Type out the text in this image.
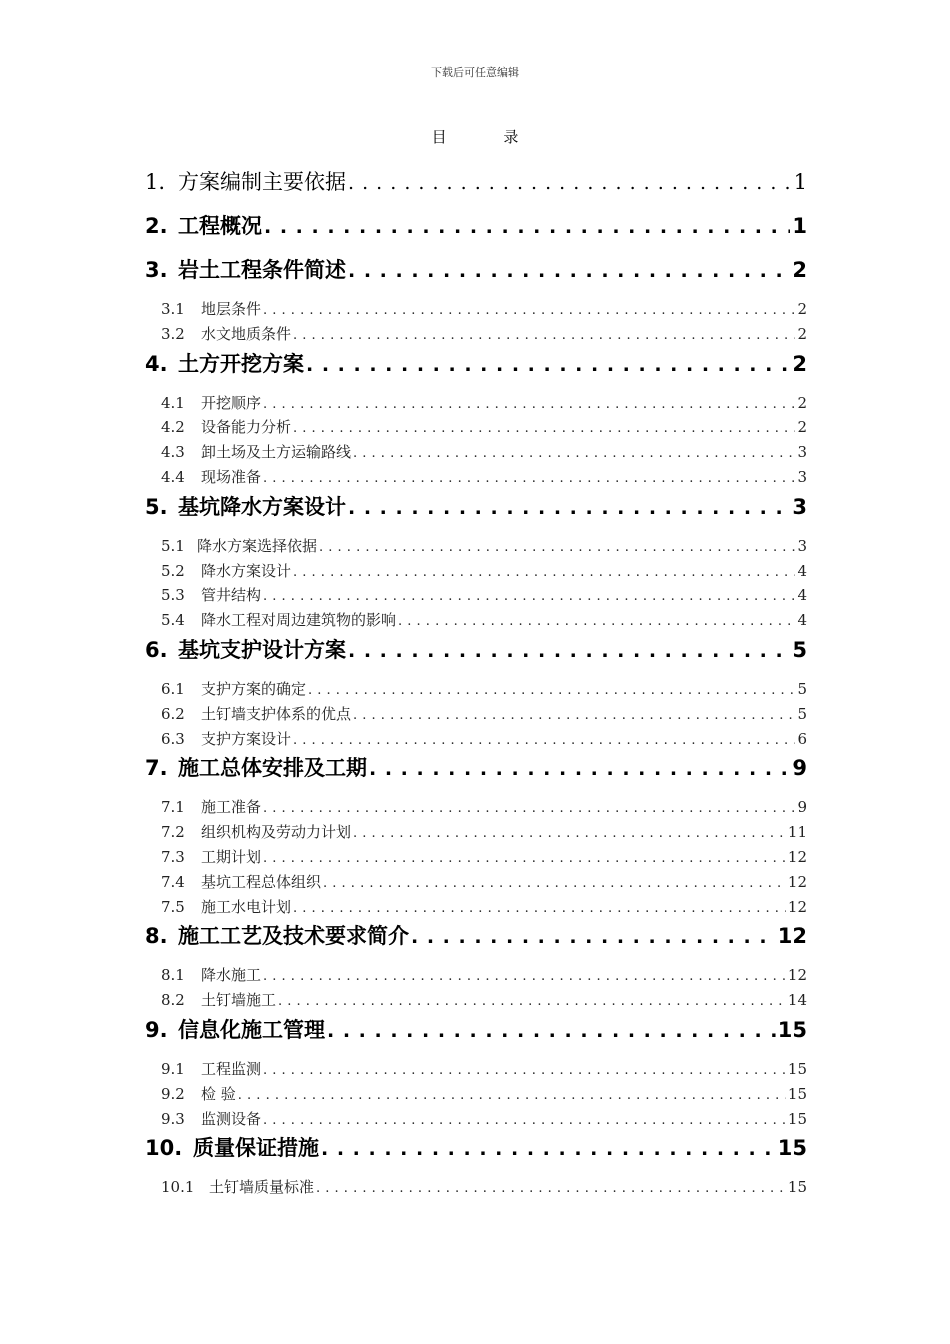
下载后可任意编辑
目 录
1. 方案编制主要依据 . . .	1
2. 工程概况 . . .	1
3. 岩土工程条件简述 . . .	2
3.1	地层条件 . . .	2
3.2	水文地质条件 . . .	2
4. 土方开挖方案 . . .	2
4.1	开挖顺序 . . .	2
4.2	设备能力分析 . . .	2
4.3	卸土场及土方运输路线 . . .	3
4.4	现场准备 . . .	3
5. 基坑降水方案设计 . . .	3
5.1 降水方案选择依据 . . .	3
5.2	降水方案设计 . . .	4
5.3	管井结构 . . .	4
5.4	降水工程对周边建筑物的影响 . . .	4
6. 基坑支护设计方案 . . .	5
6.1	支护方案的确定 . . .	5
6.2	土钉墙支护体系的优点 . . .	5
6.3	支护方案设计 . . .	6
7. 施工总体安排及工期 . . .	9
7.1	施工准备 . . .	9
7.2	组织机构及劳动力计划 . . .	11
7.3	工期计划 . . .	12
7.4	基坑工程总体组织 . . .	12
7.5	施工水电计划 . . .	12
8. 施工工艺及技术要求简介 . . .	12
8.1	降水施工 . . .	12
8.2	土钉墙施工 . . .	14
9. 信息化施工管理 . . .	15
9.1	工程监测 . . .	15
9.2	检 验 . . .	15
9.3	监测设备 . . .	15
10. 质量保证措施 . . .	15
10.1 土钉墙质量标准 . . .	15
